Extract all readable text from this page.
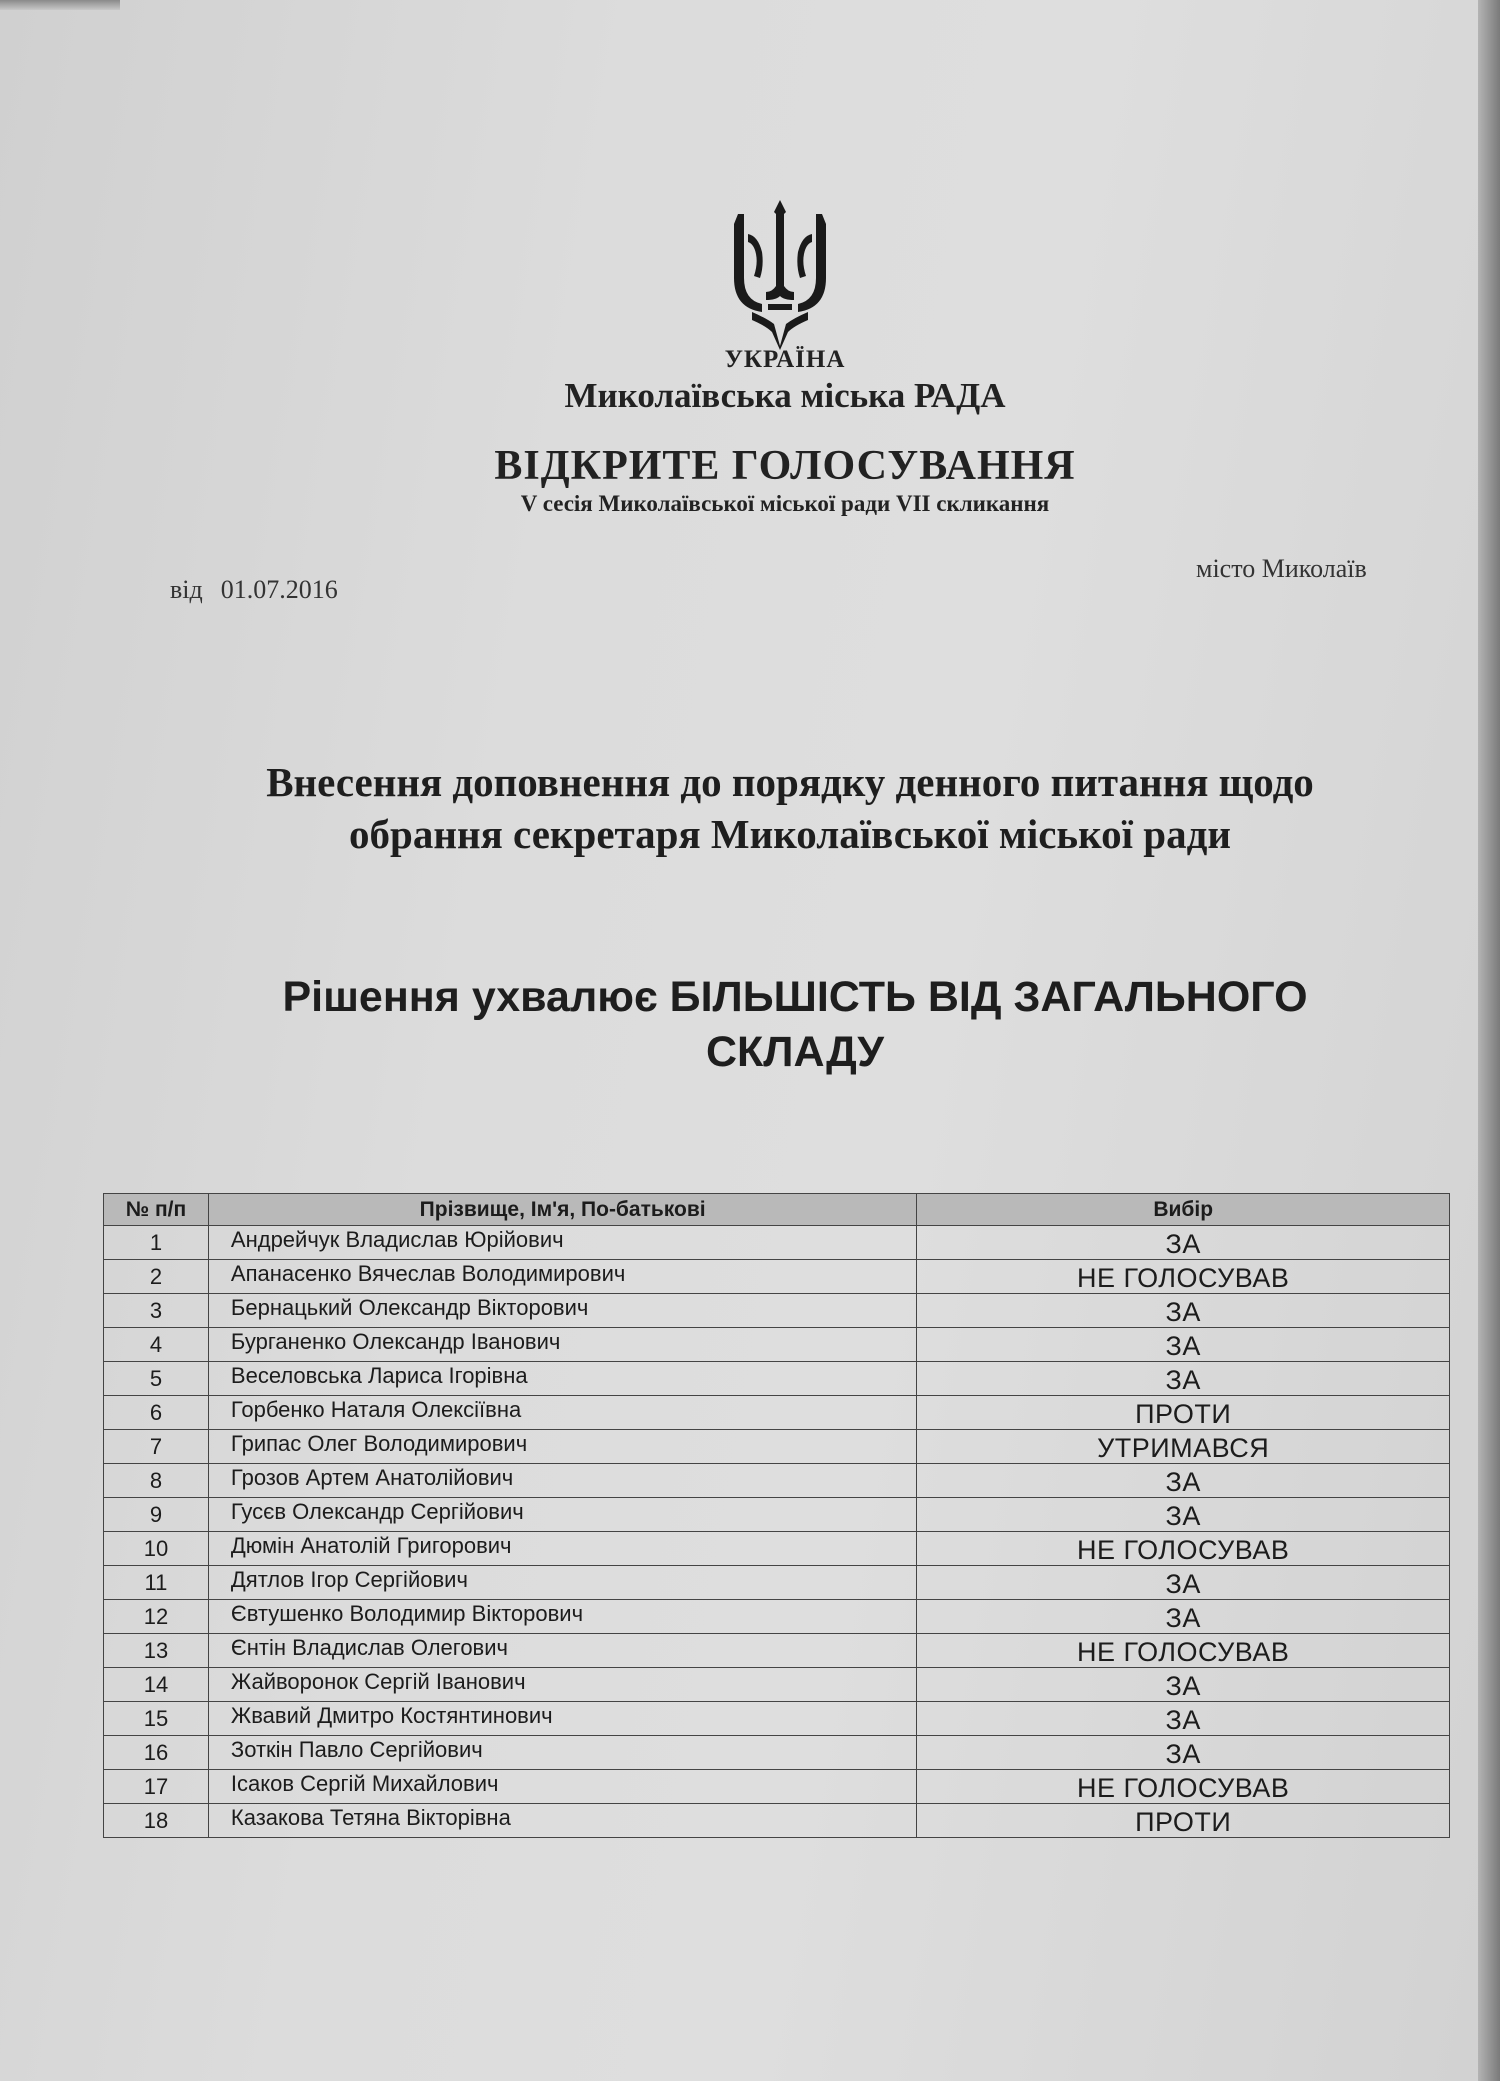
УКРАЇНА
Миколаївська міська РАДА
ВІДКРИТЕ ГОЛОСУВАННЯ
V сесія Миколаївської міської ради VII скликання
місто Миколаїв
від 01.07.2016
Внесення доповнення до порядку денного питання щодо
обрання секретаря Миколаївської міської ради
Рішення ухвалює БІЛЬШІСТЬ ВІД ЗАГАЛЬНОГО
СКЛАДУ
№ п/п	Прізвище, Ім'я, По-батькові	Вибір
1	Андрейчук Владислав Юрійович	ЗА
2	Апанасенко Вячеслав Володимирович	НЕ ГОЛОСУВАВ
3	Бернацький Олександр Вікторович	ЗА
4	Бурганенко Олександр Іванович	ЗА
5	Веселовська Лариса Ігорівна	ЗА
6	Горбенко Наталя Олексіївна	ПРОТИ
7	Грипас Олег Володимирович	УТРИМАВСЯ
8	Грозов Артем Анатолійович	ЗА
9	Гусєв Олександр Сергійович	ЗА
10	Дюмін Анатолій Григорович	НЕ ГОЛОСУВАВ
11	Дятлов Ігор Сергійович	ЗА
12	Євтушенко Володимир Вікторович	ЗА
13	Єнтін Владислав Олегович	НЕ ГОЛОСУВАВ
14	Жайворонок Сергій Іванович	ЗА
15	Жвавий Дмитро Костянтинович	ЗА
16	Зоткін Павло Сергійович	ЗА
17	Ісаков Сергій Михайлович	НЕ ГОЛОСУВАВ
18	Казакова Тетяна Вікторівна	ПРОТИ
